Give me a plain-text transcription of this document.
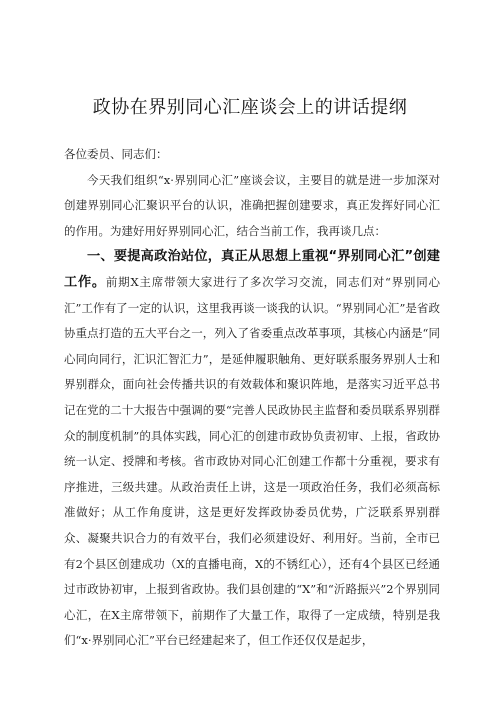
政协在界别同心汇座谈会上的讲话提纲

各位委员、同志们：

今天我们组织“x·界别同心汇”座谈会议，主要目的就是进一步加深对创建界别同心汇聚识平台的认识，准确把握创建要求，真正发挥好同心汇的作用。为建好用好界别同心汇，结合当前工作，我再谈几点：

一、要提高政治站位，真正从思想上重视“界别同心汇”创建工作。前期X主席带领大家进行了多次学习交流，同志们对“界别同心汇”工作有了一定的认识，这里我再谈一谈我的认识。“界别同心汇”是省政协重点打造的五大平台之一，列入了省委重点改革事项，其核心内涵是“同心同向同行，汇识汇智汇力”，是延伸履职触角、更好联系服务界别人士和界别群众，面向社会传播共识的有效载体和聚识阵地，是落实习近平总书记在党的二十大报告中强调的要“完善人民政协民主监督和委员联系界别群众的制度机制”的具体实践，同心汇的创建市政协负责初审、上报，省政协统一认定、授牌和考核。省市政协对同心汇创建工作都十分重视，要求有序推进，三级共建。从政治责任上讲，这是一项政治任务，我们必须高标准做好；从工作角度讲，这是更好发挥政协委员优势，广泛联系界别群众、凝聚共识合力的有效平台，我们必须建设好、利用好。当前，全市已有2个县区创建成功（X的直播电商，X的不锈红心），还有4个县区已经通过市政协初审，上报到省政协。我们县创建的“X”和“沂路振兴”2个界别同心汇，在X主席带领下，前期作了大量工作，取得了一定成绩，特别是我们“x·界别同心汇”平台已经建起来了，但工作还仅仅是起步，
